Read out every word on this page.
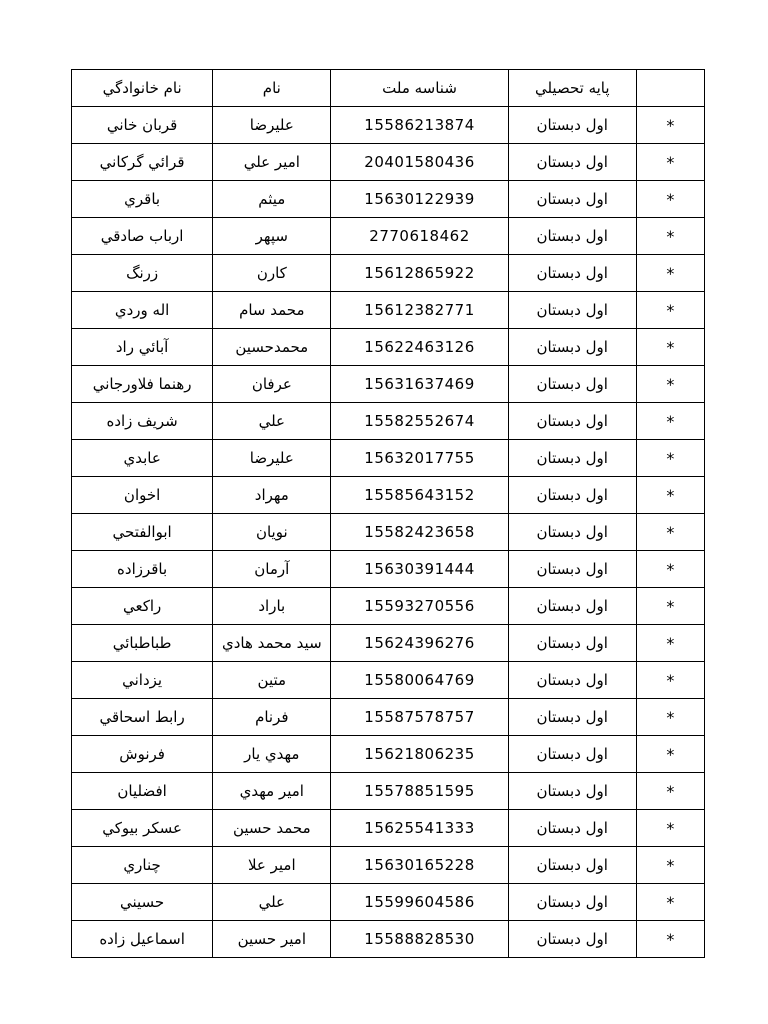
نام خانوادگي	نام	شناسه ملت	پايه تحصيلي	
قربان خاني	عليرضا	15586213874	اول دبستان	*
قرائي گركاني	امير علي	20401580436	اول دبستان	*
باقري	ميثم	15630122939	اول دبستان	*
ارباب صادقي	سپهر	2770618462	اول دبستان	*
زرنگ	كارن	15612865922	اول دبستان	*
اله وردي	محمد سام	15612382771	اول دبستان	*
آبائي راد	محمدحسين	15622463126	اول دبستان	*
رهنما فلاورجاني	عرفان	15631637469	اول دبستان	*
شريف زاده	علي	15582552674	اول دبستان	*
عابدي	عليرضا	15632017755	اول دبستان	*
اخوان	مهراد	15585643152	اول دبستان	*
ابوالفتحي	نويان	15582423658	اول دبستان	*
باقرزاده	آرمان	15630391444	اول دبستان	*
راكعي	باراد	15593270556	اول دبستان	*
طباطبائي	سيد محمد هادي	15624396276	اول دبستان	*
يزداني	متين	15580064769	اول دبستان	*
رابط اسحاقي	فرنام	15587578757	اول دبستان	*
فرنوش	مهدي يار	15621806235	اول دبستان	*
افضليان	امير مهدي	15578851595	اول دبستان	*
عسكر بيوكي	محمد حسين	15625541333	اول دبستان	*
چناري	امير علا	15630165228	اول دبستان	*
حسيني	علي	15599604586	اول دبستان	*
اسماعيل زاده	امير حسين	15588828530	اول دبستان	*
